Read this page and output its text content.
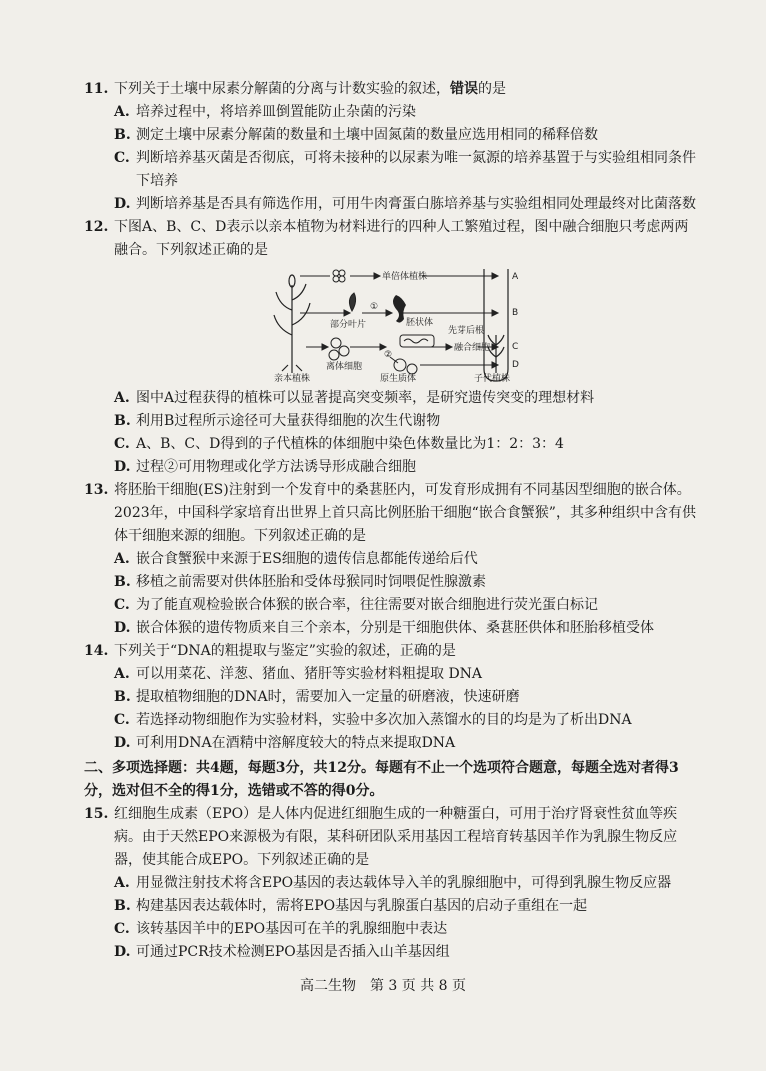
11. 下列关于土壤中尿素分解菌的分离与计数实验的叙述，错误的是
A. 培养过程中，将培养皿倒置能防止杂菌的污染
B. 测定土壤中尿素分解菌的数量和土壤中固氮菌的数量应选用相同的稀释倍数
C. 判断培养基灭菌是否彻底，可将未接种的以尿素为唯一氮源的培养基置于与实验组相同条件下培养
D. 判断培养基是否具有筛选作用，可用牛肉膏蛋白胨培养基与实验组相同处理最终对比菌落数
12. 下图A、B、C、D表示以亲本植物为材料进行的四种人工繁殖过程，图中融合细胞只考虑两两融合。下列叙述正确的是
单倍体植株
部分叶片	胚状体
先芽后根
融合细胞
离体细胞
原生质体
亲本植株	子代植株
①
②
A
B
C
D
A. 图中A过程获得的植株可以显著提高突变频率，是研究遗传突变的理想材料
B. 利用B过程所示途径可大量获得细胞的次生代谢物
C. A、B、C、D得到的子代植株的体细胞中染色体数量比为1：2：3：4
D. 过程②可用物理或化学方法诱导形成融合细胞
13. 将胚胎干细胞(ES)注射到一个发育中的桑葚胚内，可发育形成拥有不同基因型细胞的嵌合体。2023年，中国科学家培育出世界上首只高比例胚胎干细胞“嵌合食蟹猴”，其多种组织中含有供体干细胞来源的细胞。下列叙述正确的是
A. 嵌合食蟹猴中来源于ES细胞的遗传信息都能传递给后代
B. 移植之前需要对供体胚胎和受体母猴同时饲喂促性腺激素
C. 为了能直观检验嵌合体猴的嵌合率，往往需要对嵌合细胞进行荧光蛋白标记
D. 嵌合体猴的遗传物质来自三个亲本，分别是干细胞供体、桑葚胚供体和胚胎移植受体
14. 下列关于“DNA的粗提取与鉴定”实验的叙述，正确的是
A. 可以用菜花、洋葱、猪血、猪肝等实验材料粗提取 DNA
B. 提取植物细胞的DNA时，需要加入一定量的研磨液，快速研磨
C. 若选择动物细胞作为实验材料，实验中多次加入蒸馏水的目的均是为了析出DNA
D. 可利用DNA在酒精中溶解度较大的特点来提取DNA
二、多项选择题：共4题，每题3分，共12分。每题有不止一个选项符合题意，每题全选对者得3分，选对但不全的得1分，选错或不答的得0分。
15. 红细胞生成素（EPO）是人体内促进红细胞生成的一种糖蛋白，可用于治疗肾衰性贫血等疾病。由于天然EPO来源极为有限，某科研团队采用基因工程培育转基因羊作为乳腺生物反应器，使其能合成EPO。下列叙述正确的是
A. 用显微注射技术将含EPO基因的表达载体导入羊的乳腺细胞中，可得到乳腺生物反应器
B. 构建基因表达载体时，需将EPO基因与乳腺蛋白基因的启动子重组在一起
C. 该转基因羊中的EPO基因可在羊的乳腺细胞中表达
D. 可通过PCR技术检测EPO基因是否插入山羊基因组
高二生物　第 3 页 共 8 页
